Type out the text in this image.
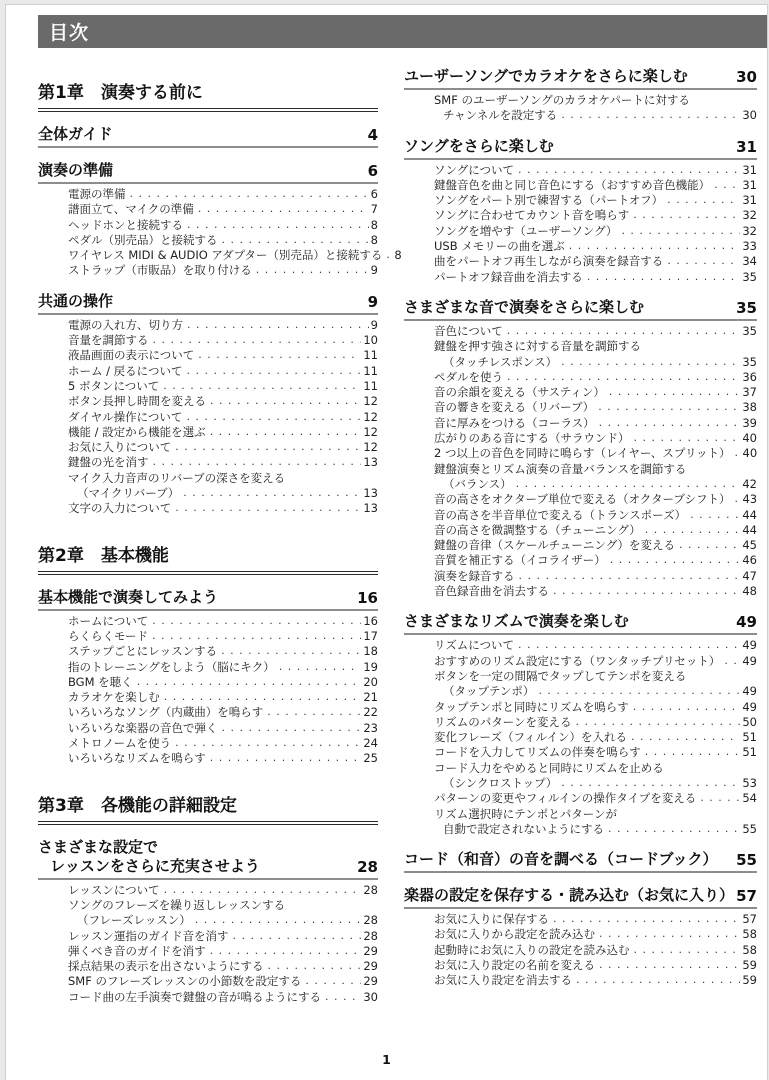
目次
第1章　演奏する前に
全体ガイド	4
演奏の準備	6
電源の準備 . . .	6
譜面立て、マイクの準備 . . .	7
ヘッドホンと接続する . . .	8
ペダル（別売品）と接続する . . .	8
ワイヤレス MIDI & AUDIO アダプター（別売品）と接続する . . . 8
ストラップ（市販品）を取り付ける . . .	9
共通の操作	9
電源の入れ方、切り方 . . .	9
音量を調節する . . .	10
液晶画面の表示について . . .	11
ホーム / 戻るについて . . .	11
5 ボタンについて . . .	11
ボタン長押し時間を変える . . .	12
ダイヤル操作について . . .	12
機能 / 設定から機能を選ぶ . . .	12
お気に入りについて . . .	12
鍵盤の光を消す . . .	13
マイク入力音声のリバーブの深さを変える
（マイクリバーブ） . . .	13
文字の入力について . . .	13
第2章　基本機能
基本機能で演奏してみよう	16
ホームについて . . .	16
らくらくモード . . .	17
ステップごとにレッスンする . . .	18
指のトレーニングをしよう（脳にキク） . . .	19
BGM を聴く . . .	20
カラオケを楽しむ . . .	21
いろいろなソング（内蔵曲）を鳴らす . . .	22
いろいろな楽器の音色で弾く . . .	23
メトロノームを使う . . .	24
いろいろなリズムを鳴らす . . .	25
第3章　各機能の詳細設定
さまざまな設定で
レッスンをさらに充実させよう	28
レッスンについて . . .	28
ソングのフレーズを繰り返しレッスンする
（フレーズレッスン） . . .	28
レッスン運指のガイド音を消す . . .	28
弾くべき音のガイドを消す . . .	29
採点結果の表示を出さないようにする . . .	29
SMF のフレーズレッスンの小節数を設定する . . .	29
コード曲の左手演奏で鍵盤の音が鳴るようにする . . .	30
ユーザーソングでカラオケをさらに楽しむ	30
SMF のユーザーソングのカラオケパートに対する
チャンネルを設定する . . .	30
ソングをさらに楽しむ	31
ソングについて . . .	31
鍵盤音色を曲と同じ音色にする（おすすめ音色機能） . . .	31
ソングをパート別で練習する（パートオフ） . . .	31
ソングに合わせてカウント音を鳴らす . . .	32
ソングを増やす（ユーザーソング） . . .	32
USB メモリーの曲を選ぶ . . .	33
曲をパートオフ再生しながら演奏を録音する . . .	34
パートオフ録音曲を消去する . . .	35
さまざまな音で演奏をさらに楽しむ	35
音色について . . .	35
鍵盤を押す強さに対する音量を調節する
（タッチレスポンス） . . .	35
ペダルを使う . . .	36
音の余韻を変える（サスティン） . . .	37
音の響きを変える（リバーブ） . . .	38
音に厚みをつける（コーラス） . . .	39
広がりのある音にする（サラウンド） . . .	40
2 つ以上の音色を同時に鳴らす（レイヤー、スプリット） . . . 40
鍵盤演奏とリズム演奏の音量バランスを調節する
（バランス） . . .	42
音の高さをオクターブ単位で変える（オクターブシフト） . . . 43
音の高さを半音単位で変える（トランスポーズ） . . .	44
音の高さを微調整する（チューニング） . . .	44
鍵盤の音律（スケールチューニング）を変える . . .	45
音質を補正する（イコライザー） . . .	46
演奏を録音する . . .	47
音色録音曲を消去する . . .	48
さまざまなリズムで演奏を楽しむ	49
リズムについて . . .	49
おすすめのリズム設定にする（ワンタッチプリセット） . . . 49
ボタンを一定の間隔でタップしてテンポを変える
（タップテンポ） . . .	49
タップテンポと同時にリズムを鳴らす . . .	49
リズムのパターンを変える . . .	50
変化フレーズ（フィルイン）を入れる . . .	51
コードを入力してリズムの伴奏を鳴らす . . .	51
コード入力をやめると同時にリズムを止める
（シンクロストップ） . . .	53
パターンの変更やフィルインの操作タイプを変える . . .	54
リズム選択時にテンポとパターンが
自動で設定されないようにする . . .	55
コード（和音）の音を調べる（コードブック）	55
楽器の設定を保存する・読み込む（お気に入り） 57
お気に入りに保存する . . .	57
お気に入りから設定を読み込む . . .	58
起動時にお気に入りの設定を読み込む . . .	58
お気に入り設定の名前を変える . . .	59
お気に入り設定を消去する . . .	59
1
